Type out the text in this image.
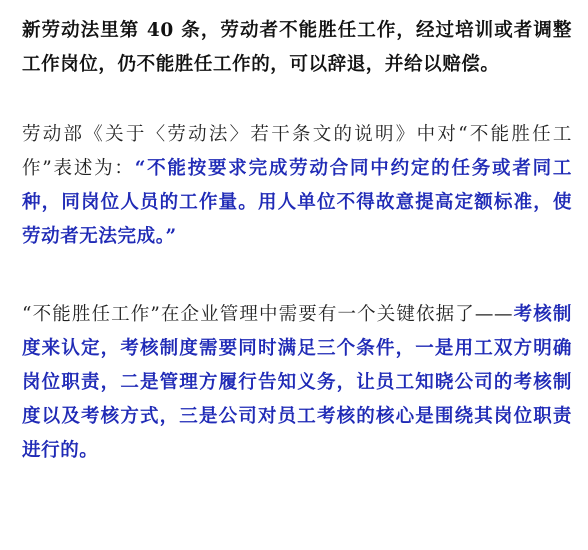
新劳动法里第 40 条，劳动者不能胜任工作，经过培训或者调整工作岗位，仍不能胜任工作的，可以辞退，并给以赔偿。

劳动部《关于〈劳动法〉若干条文的说明》中对“不能胜任工作”表述为：“不能按要求完成劳动合同中约定的任务或者同工种，同岗位人员的工作量。用人单位不得故意提高定额标准，使劳动者无法完成。”

“不能胜任工作”在企业管理中需要有一个关键依据了——考核制度来认定，考核制度需要同时满足三个条件，一是用工双方明确岗位职责，二是管理方履行告知义务，让员工知晓公司的考核制度以及考核方式，三是公司对员工考核的核心是围绕其岗位职责进行的。
